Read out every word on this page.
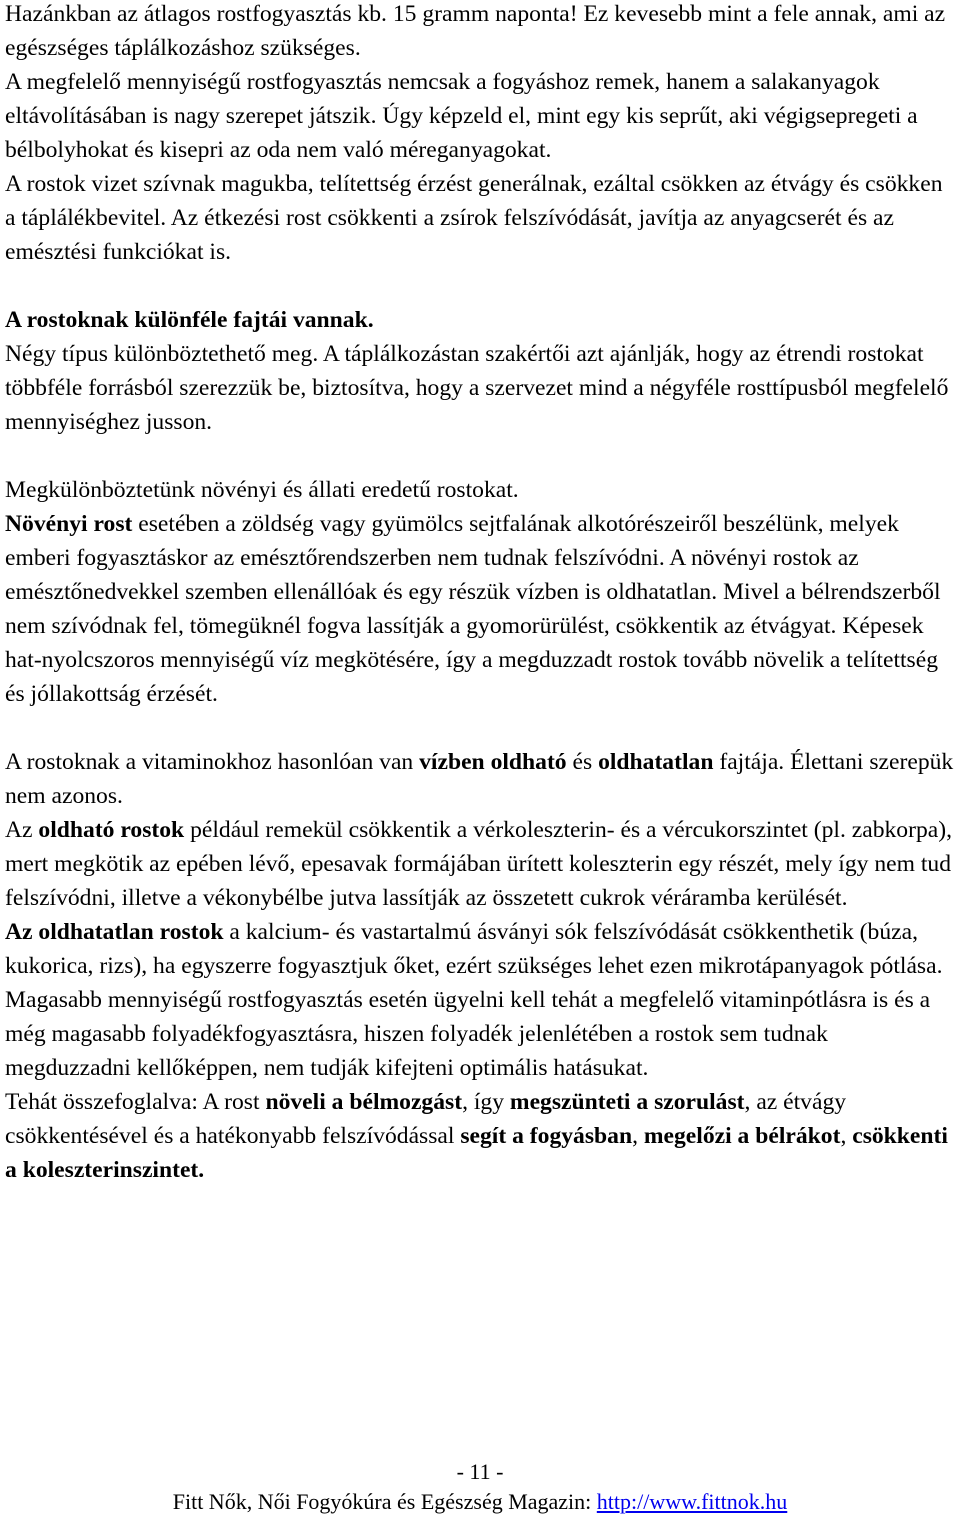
Hazánkban az átlagos rostfogyasztás kb. 15 gramm naponta! Ez kevesebb mint a fele annak, ami az egészséges táplálkozáshoz szükséges.

A megfelelő mennyiségű rostfogyasztás nemcsak a fogyáshoz remek, hanem a salakanyagok eltávolításában is nagy szerepet játszik. Úgy képzeld el, mint egy kis seprűt, aki végigsepregeti a bélbolyhokat és kisepri az oda nem való méreganyagokat.

A rostok vizet szívnak magukba, telítettség érzést generálnak, ezáltal csökken az étvágy és csökken a táplálékbevitel. Az étkezési rost csökkenti a zsírok felszívódását, javítja az anyagcserét és az emésztési funkciókat is.

A rostoknak különféle fajtái vannak.

Négy típus különböztethető meg. A táplálkozástan szakértői azt ajánlják, hogy az étrendi rostokat többféle forrásból szerezzük be, biztosítva, hogy a szervezet mind a négyféle rosttípusból megfelelő mennyiséghez jusson.

Megkülönböztetünk növényi és állati eredetű rostokat.

Növényi rost esetében a zöldség vagy gyümölcs sejtfalának alkotórészeiről beszélünk, melyek emberi fogyasztáskor az emésztőrendszerben nem tudnak felszívódni. A növényi rostok az emésztőnedvekkel szemben ellenállóak és egy részük vízben is oldhatatlan. Mivel a bélrendszerből nem szívódnak fel, tömegüknél fogva lassítják a gyomorürülést, csökkentik az étvágyat. Képesek hat-nyolcszoros mennyiségű víz megkötésére, így a megduzzadt rostok tovább növelik a telítettség és jóllakottság érzését.

A rostoknak a vitaminokhoz hasonlóan van vízben oldható és oldhatatlan fajtája. Élettani szerepük nem azonos.

Az oldható rostok például remekül csökkentik a vérkoleszterin- és a vércukorszintet (pl. zabkorpa), mert megkötik az epében lévő, epesavak formájában ürített koleszterin egy részét, mely így nem tud felszívódni, illetve a vékonybélbe jutva lassítják az összetett cukrok véráramba kerülését.

Az oldhatatlan rostok a kalcium- és vastartalmú ásványi sók felszívódását csökkenthetik (búza, kukorica, rizs), ha egyszerre fogyasztjuk őket, ezért szükséges lehet ezen mikrotápanyagok pótlása.

Magasabb mennyiségű rostfogyasztás esetén ügyelni kell tehát a megfelelő vitaminpótlásra is és a még magasabb folyadékfogyasztásra, hiszen folyadék jelenlétében a rostok sem tudnak megduzzadni kellőképpen, nem tudják kifejteni optimális hatásukat.

Tehát összefoglalva: A rost növeli a bélmozgást, így megszünteti a szorulást, az étvágy csökkentésével és a hatékonyabb felszívódással segít a fogyásban, megelőzi a bélrákot, csökkenti a koleszterinszintet.

- 11 -
Fitt Nők, Női Fogyókúra és Egészség Magazin: http://www.fittnok.hu
